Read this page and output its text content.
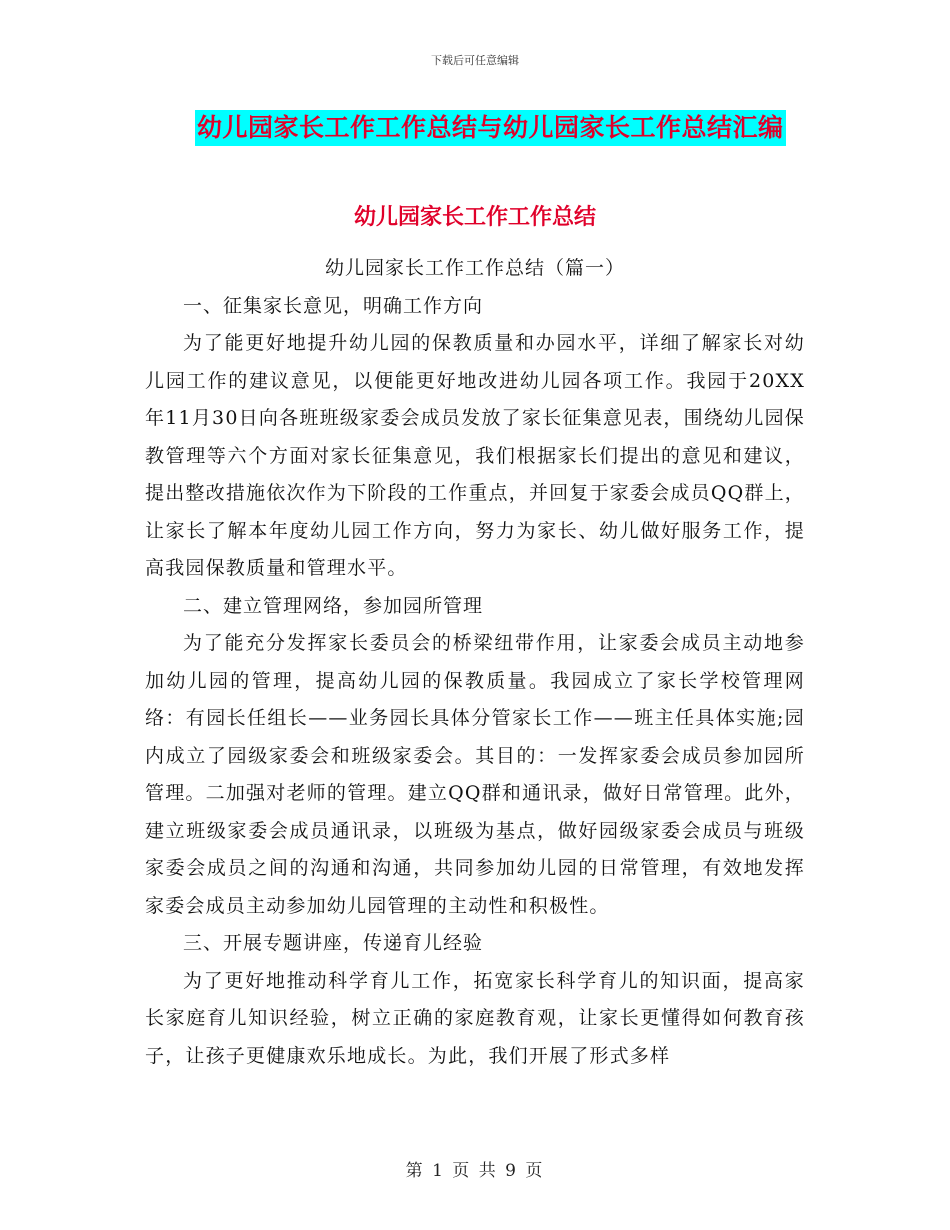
下载后可任意编辑
幼儿园家长工作工作总结与幼儿园家长工作总结汇编
幼儿园家长工作工作总结

幼儿园家长工作工作总结（篇一）

一、征集家长意见，明确工作方向

为了能更好地提升幼儿园的保教质量和办园水平，详细了解家长对幼儿园工作的建议意见，以便能更好地改进幼儿园各项工作。我园于20XX年11月30日向各班班级家委会成员发放了家长征集意见表，围绕幼儿园保教管理等六个方面对家长征集意见，我们根据家长们提出的意见和建议，提出整改措施依次作为下阶段的工作重点，并回复于家委会成员QQ群上，让家长了解本年度幼儿园工作方向，努力为家长、幼儿做好服务工作，提高我园保教质量和管理水平。

二、建立管理网络，参加园所管理

为了能充分发挥家长委员会的桥梁纽带作用，让家委会成员主动地参加幼儿园的管理，提高幼儿园的保教质量。我园成立了家长学校管理网络：有园长任组长——业务园长具体分管家长工作——班主任具体实施;园内成立了园级家委会和班级家委会。其目的：一发挥家委会成员参加园所管理。二加强对老师的管理。建立QQ群和通讯录，做好日常管理。此外，建立班级家委会成员通讯录，以班级为基点，做好园级家委会成员与班级家委会成员之间的沟通和沟通，共同参加幼儿园的日常管理，有效地发挥家委会成员主动参加幼儿园管理的主动性和积极性。

三、开展专题讲座，传递育儿经验

为了更好地推动科学育儿工作，拓宽家长科学育儿的知识面，提高家长家庭育儿知识经验，树立正确的家庭教育观，让家长更懂得如何教育孩子，让孩子更健康欢乐地成长。为此，我们开展了形式多样

第 1 页 共 9 页
